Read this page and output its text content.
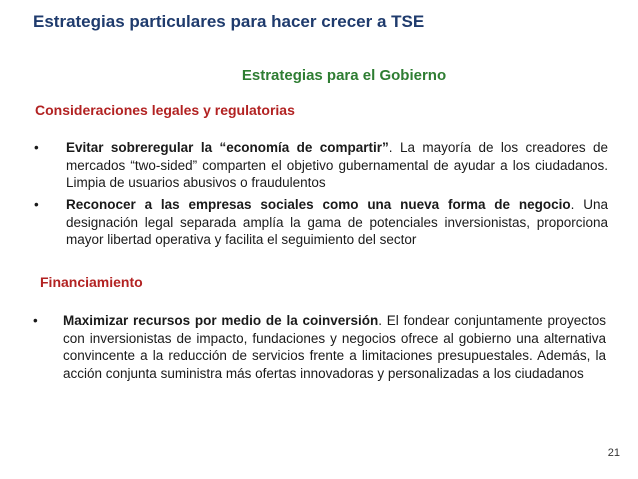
Estrategias particulares para hacer crecer a TSE
Estrategias para el Gobierno
Consideraciones legales y regulatorias
• Evitar sobreregular la “economía de compartir”. La mayoría de los creadores de mercados “two-sided” comparten el objetivo gubernamental de ayudar a los ciudadanos. Limpia de usuarios abusivos o fraudulentos
• Reconocer a las empresas sociales como una nueva forma de negocio. Una designación legal separada amplía la gama de potenciales inversionistas, proporciona mayor libertad operativa y facilita el seguimiento del sector
Financiamiento
• Maximizar recursos por medio de la coinversión. El fondear conjuntamente proyectos con inversionistas de impacto, fundaciones y negocios ofrece al gobierno una alternativa convincente a la reducción de servicios frente a limitaciones presupuestales. Además, la acción conjunta suministra más ofertas innovadoras y personalizadas a los ciudadanos
21
